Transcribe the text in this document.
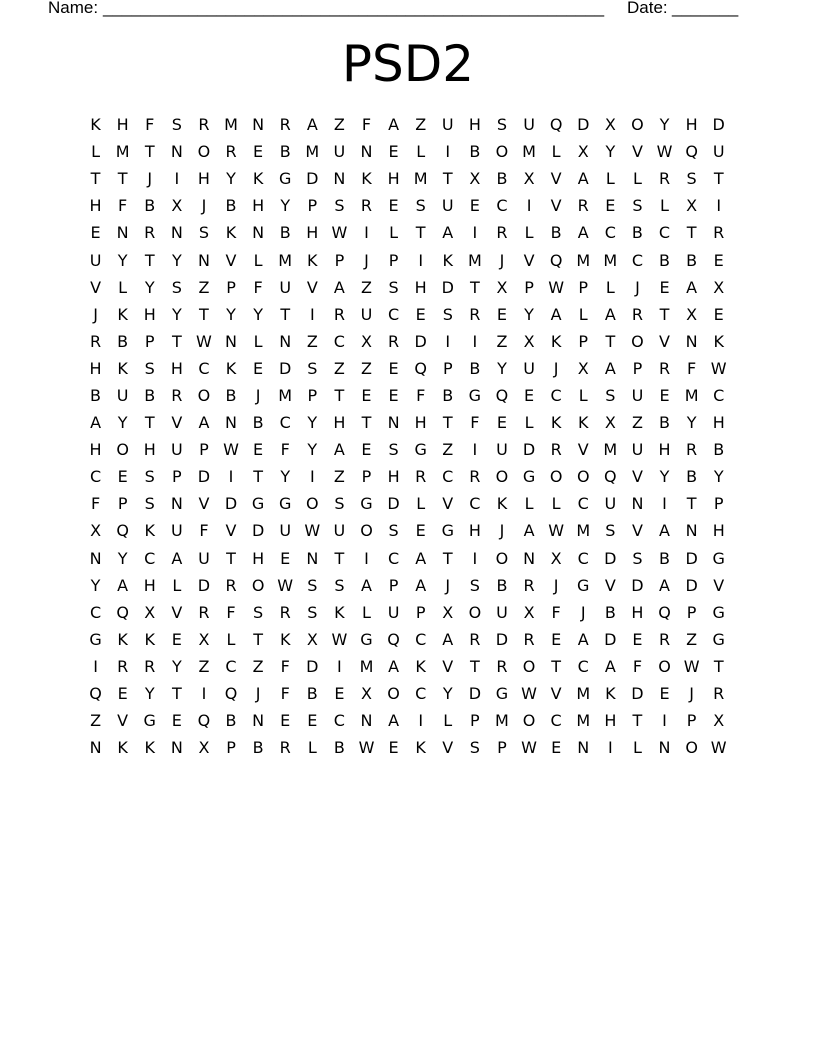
Name: _____________________________________________________ Date: _______
PSD2
K H	F	S	R M N R	A	Z	F	A	Z U H	S	U Q D X O Y	H D
L M T	N O R	E	B M U N	E	L	I	B O M L	X	Y	V W Q U
T	T	J	I	H	Y	K G D N K H M T	X	B	X	V	A	L	L	R	S	T
H	F	B	X	J	B H	Y	P	S	R	E	S	U	E	C	I	V	R	E	S	L	X	I
E	N R N	S	K N B H W	I	L	T	A	I	R	L	B	A	C	B	C	T	R
U	Y	T	Y	N V	L M K	P	J	P	I	K M	J	V Q M M C	B	B	E
V	L	Y	S	Z	P	F	U V	A	Z	S	H D	T	X	P W P	L	J	E	A	X
J	K H	Y	T	Y	Y	T	I	R U C	E	S	R	E	Y	A	L	A	R	T	X	E
R	B	P	T W N	L	N Z	C	X	R D	I	I	Z	X	K	P	T O V N K
H K	S	H C	K	E D S	Z	Z	E Q P	B	Y	U	J	X	A	P	R	F W
B U B	R O B	J	M P	T	E	E	F	B G Q E	C	L	S	U	E M C
A	Y	T	V	A N B	C	Y	H	T	N H	T	F	E	L	K	K	X	Z	B	Y	H
H O H U	P W E	F	Y	A	E	S G Z	I	U D R	V M U H R	B
C	E	S	P	D	I	T	Y	I	Z	P	H R C R O G O O Q V	Y	B	Y
F	P	S	N V D G G O S G D	L	V	C	K	L	L	C U N	I	T	P
X Q K U	F	V D U W U O S	E G H	J	A W M S	V	A N H
N	Y	C	A U	T	H	E	N	T	I	C	A	T	I	O N X	C D S	B D G
Y	A H	L	D R O W S	S	A	P	A	J	S	B	R	J	G V D A D V
C Q X	V	R	F	S	R	S	K	L	U	P	X O U X	F	J	B H Q P	G
G K	K	E	X	L	T	K	X W G Q C	A	R D R	E	A D E	R	Z G
I	R R	Y	Z	C	Z	F	D	I	M A	K	V	T	R O T	C	A	F	O W T
Q E	Y	T	I	Q	J	F	B	E	X O C	Y	D G W V M K D E	J	R
Z	V G E Q B N	E	E	C N A	I	L	P M O C M H	T	I	P	X
N K	K N X	P	B	R	L	B W E	K	V	S	P W E	N	I	L	N O W
